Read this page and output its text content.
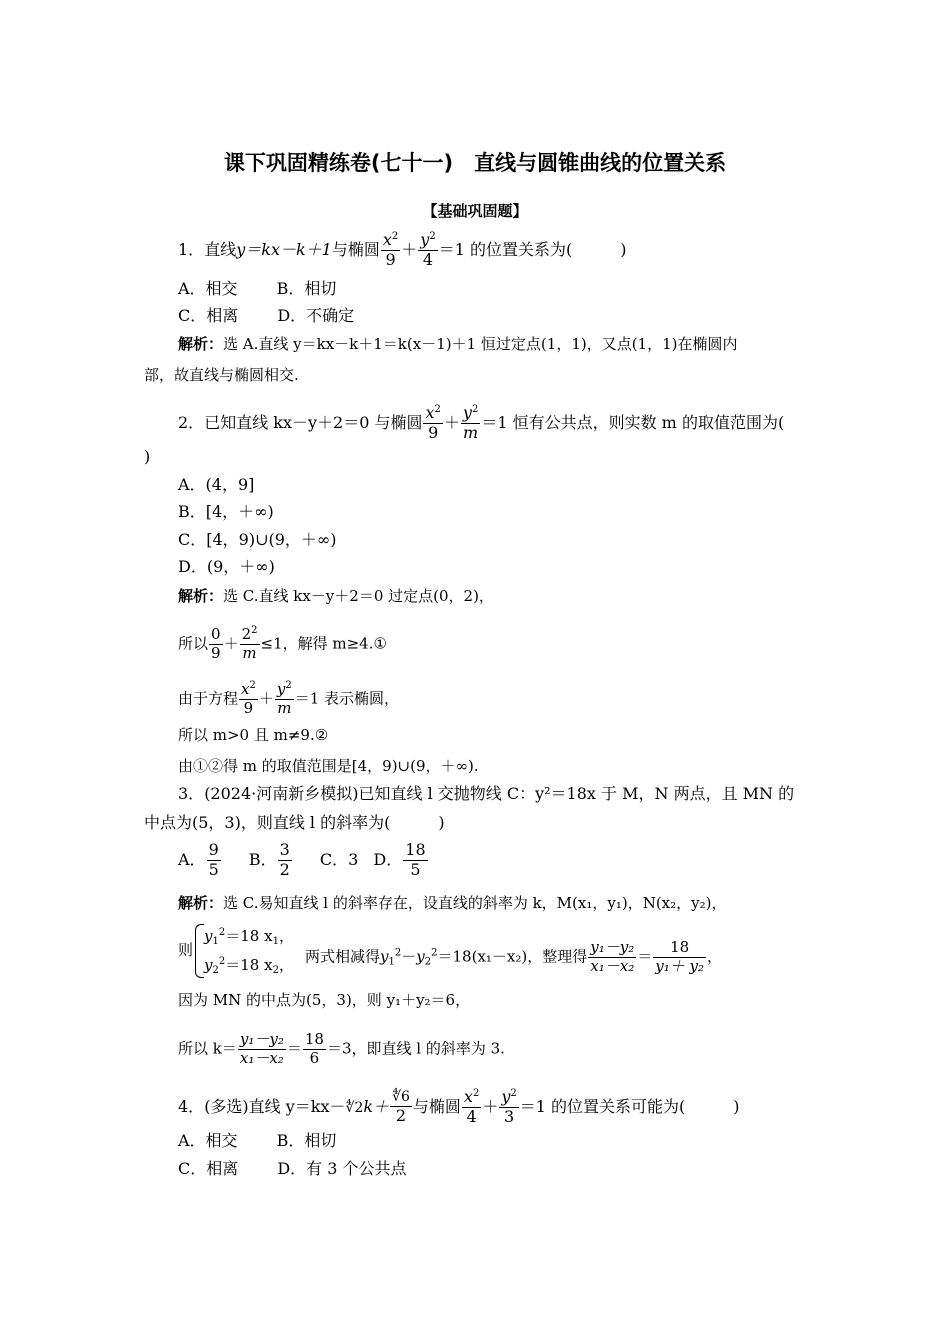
课下巩固精练卷(七十一)　直线与圆锥曲线的位置关系
【基础巩固题】
1．直线y＝kx－k＋1与椭圆 $\frac{x^2}{9} + \frac{y^2}{4} =1$ 的位置关系为(　　　)
A．相交 B．相切
C．相离 D．不确定
解析：选 A.直线 y＝kx－k＋1＝k(x－1)＋1 恒过定点(1，1)，又点(1，1)在椭圆内
部，故直线与椭圆相交.
2．已知直线 kx－y＋2＝0 与椭圆 $\frac{x^2}{9} + \frac{y^2}{m} =1$ 恒有公共点，则实数 m 的取值范围为(
)
A．(4，9]
B．[4，＋∞)
C．[4，9)∪(9，＋∞)
D．(9，＋∞)
解析：选 C.直线 kx－y＋2＝0 过定点(0，2)，
所以 $\frac{0}{9} + \frac{2^2}{m} \le 1$，解得 m≥4.①
由于方程 $\frac{x^2}{9} + \frac{y^2}{m} =1$ 表示椭圆，
所以 m>0 且 m≠9.②
由①②得 m 的取值范围是[4，9)∪(9，＋∞).
3．(2024·河南新乡模拟)已知直线 l 交抛物线 C：y²＝18x 于 M，N 两点，且 MN 的
中点为(5，3)，则直线 l 的斜率为(　　　)
A． $\frac{9}{5}$ B． $\frac{3}{2}$ C．3 D． $\frac{18}{5}$
解析：选 C.易知直线 l 的斜率存在，设直线的斜率为 k，M(x₁，y₁)，N(x₂，y₂)，
则
$y_1^2=18$ $x_1$，
$y_2^2=18$ $x_2$， 两式相减得$y_1^2-y_2^2=18(x_1-x_2)$，整理得 $\frac{\text{y₁－y₂}}{\text{x₁－x₂}} = \frac{18}{\text{y₁＋ y₂}}$ ，
因为 MN 的中点为(5，3)，则 y₁＋y₂＝6，
所以 $k= \frac{\text{y₁－y₂}}{\text{x₁－x₂}} = \frac{18}{6} =3$，即直线 l 的斜率为 3.
4．(多选)直线 y＝kx－∜2k＋ $\frac{∜6}{2}$ 与椭圆 $\frac{x^2}{4} + \frac{y^2}{3} =1$ 的位置关系可能为(　　　)
A．相交 B．相切
C．相离 D．有 3 个公共点
